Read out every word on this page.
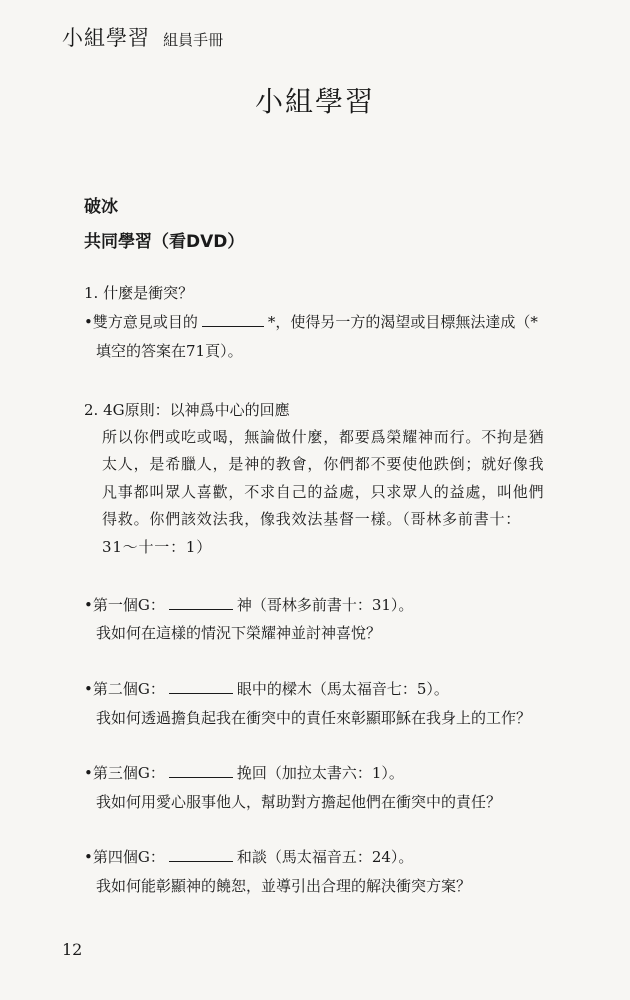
小組學習 組員手冊
小組學習
破冰
共同學習（看DVD）
1. 什麼是衝突？
•雙方意見或目的	*，使得另一方的渴望或目標無法達成（*
填空的答案在71頁）。
2. 4G原則：以神爲中心的回應
所以你們或吃或喝，無論做什麼，都要爲榮耀神而行。不拘是猶
太人，是希臘人，是神的教會，你們都不要使他跌倒；就好像我
凡事都叫眾人喜歡，不求自己的益處，只求眾人的益處，叫他們
得救。你們該效法我，像我效法基督一樣。（哥林多前書十：
31～十一：1）
•第一個G：	神（哥林多前書十：31）。
我如何在這樣的情況下榮耀神並討神喜悅？
•第二個G：	眼中的樑木（馬太福音七：5）。
我如何透過擔負起我在衝突中的責任來彰顯耶穌在我身上的工作？
•第三個G：	挽回（加拉太書六：1）。
我如何用愛心服事他人，幫助對方擔起他們在衝突中的責任？
•第四個G：	和談（馬太福音五：24）。
我如何能彰顯神的饒恕，並導引出合理的解決衝突方案？
12
